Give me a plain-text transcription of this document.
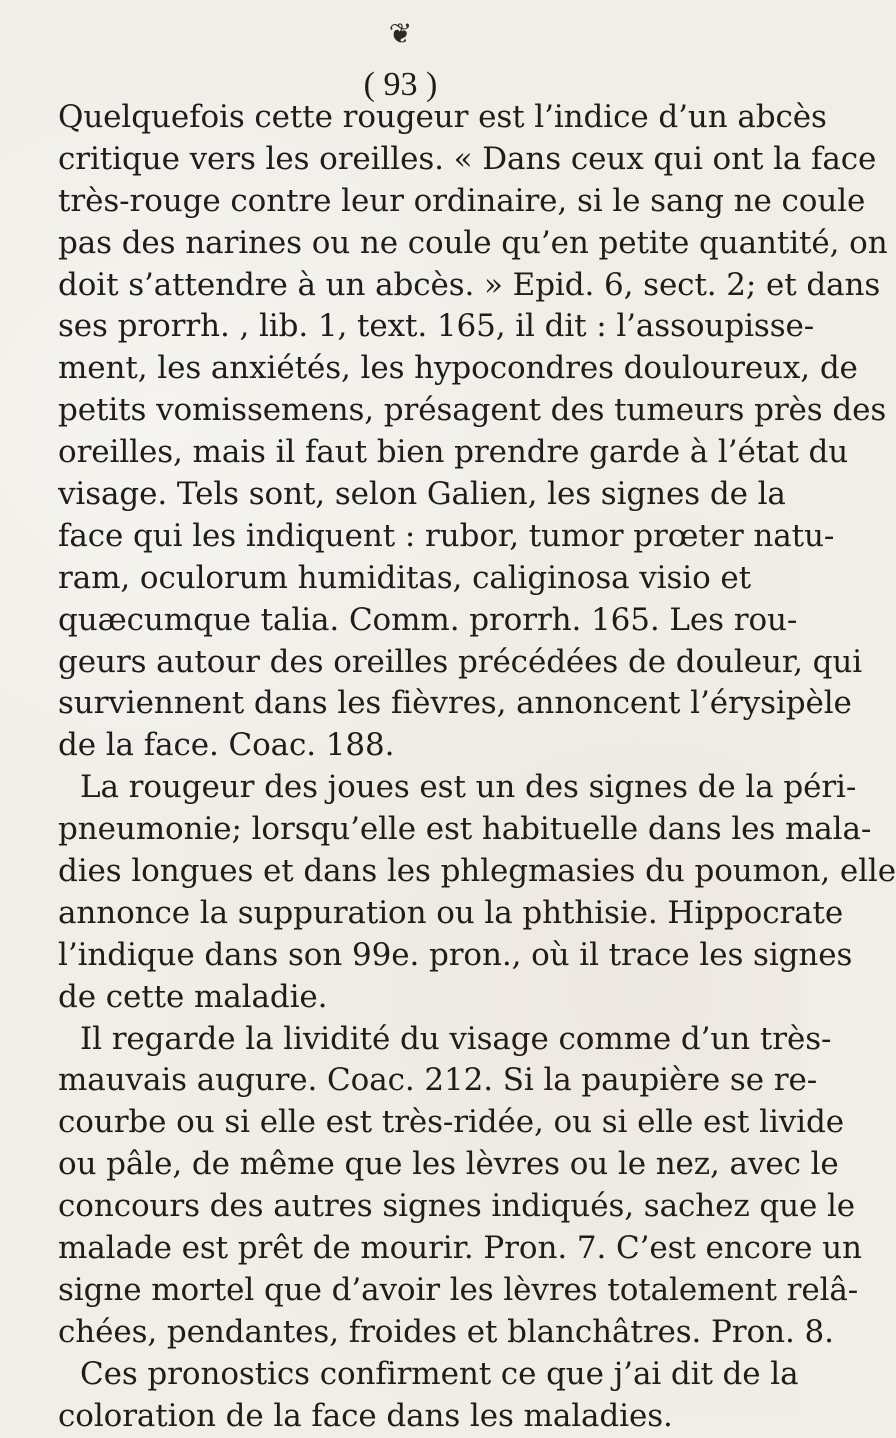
❦
( 93 )
Quelquefois cette rougeur est l’indice d’un abcès
critique vers les oreilles. « Dans ceux qui ont la face
très-rouge contre leur ordinaire, si le sang ne coule
pas des narines ou ne coule qu’en petite quantité, on
doit s’attendre à un abcès. » Epid. 6, sect. 2; et dans
ses prorrh. , lib. 1, text. 165, il dit : l’assoupisse-
ment, les anxiétés, les hypocondres douloureux, de
petits vomissemens, présagent des tumeurs près des
oreilles, mais il faut bien prendre garde à l’état du
visage. Tels sont, selon Galien, les signes de la
face qui les indiquent : rubor, tumor prœter natu-
ram, oculorum humiditas, caliginosa visio et
quæcumque talia. Comm. prorrh. 165. Les rou-
geurs autour des oreilles précédées de douleur, qui
surviennent dans les fièvres, annoncent l’érysipèle
de la face. Coac. 188.
La rougeur des joues est un des signes de la péri-
pneumonie; lorsqu’elle est habituelle dans les mala-
dies longues et dans les phlegmasies du poumon, elle
annonce la suppuration ou la phthisie. Hippocrate
l’indique dans son 99e. pron., où il trace les signes
de cette maladie.
Il regarde la lividité du visage comme d’un très-
mauvais augure. Coac. 212. Si la paupière se re-
courbe ou si elle est très-ridée, ou si elle est livide
ou pâle, de même que les lèvres ou le nez, avec le
concours des autres signes indiqués, sachez que le
malade est prêt de mourir. Pron. 7. C’est encore un
signe mortel que d’avoir les lèvres totalement relâ-
chées, pendantes, froides et blanchâtres. Pron. 8.
Ces pronostics confirment ce que j’ai dit de la
coloration de la face dans les maladies.
